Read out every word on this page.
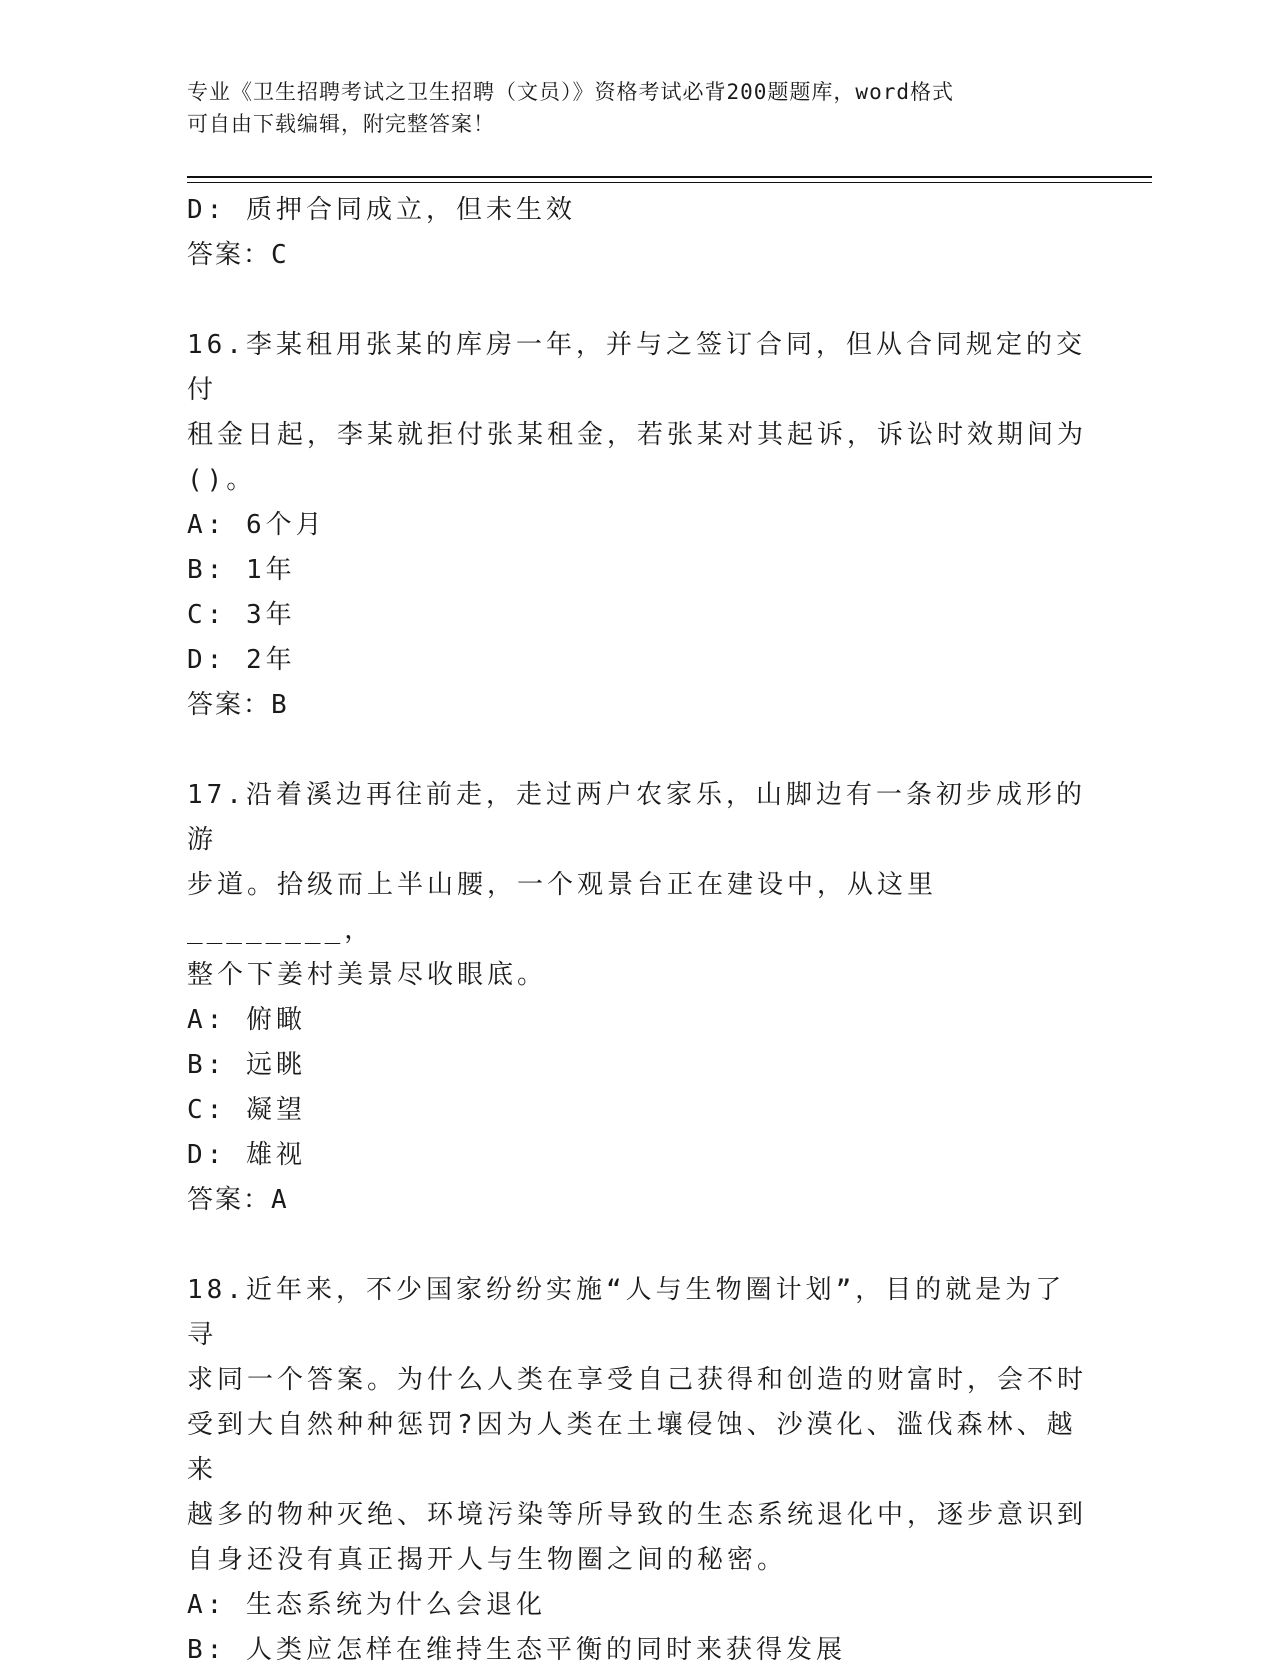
专业《卫生招聘考试之卫生招聘（文员）》资格考试必背200题题库，word格式
可自由下载编辑，附完整答案！

D: 质押合同成立，但未生效

答案：C

16.李某租用张某的库房一年，并与之签订合同，但从合同规定的交付

租金日起，李某就拒付张某租金，若张某对其起诉，诉讼时效期间为

()。

A: 6个月

B: 1年

C: 3年

D: 2年

答案：B

17.沿着溪边再往前走，走过两户农家乐，山脚边有一条初步成形的游

步道。拾级而上半山腰，一个观景台正在建设中，从这里________，

整个下姜村美景尽收眼底。

A: 俯瞰

B: 远眺

C: 凝望

D: 雄视

答案：A

18.近年来，不少国家纷纷实施“人与生物圈计划”，目的就是为了寻

求同一个答案。为什么人类在享受自己获得和创造的财富时，会不时

受到大自然种种惩罚?因为人类在土壤侵蚀、沙漠化、滥伐森林、越来

越多的物种灭绝、环境污染等所导致的生态系统退化中，逐步意识到

自身还没有真正揭开人与生物圈之间的秘密。

A: 生态系统为什么会退化

B: 人类应怎样在维持生态平衡的同时来获得发展
